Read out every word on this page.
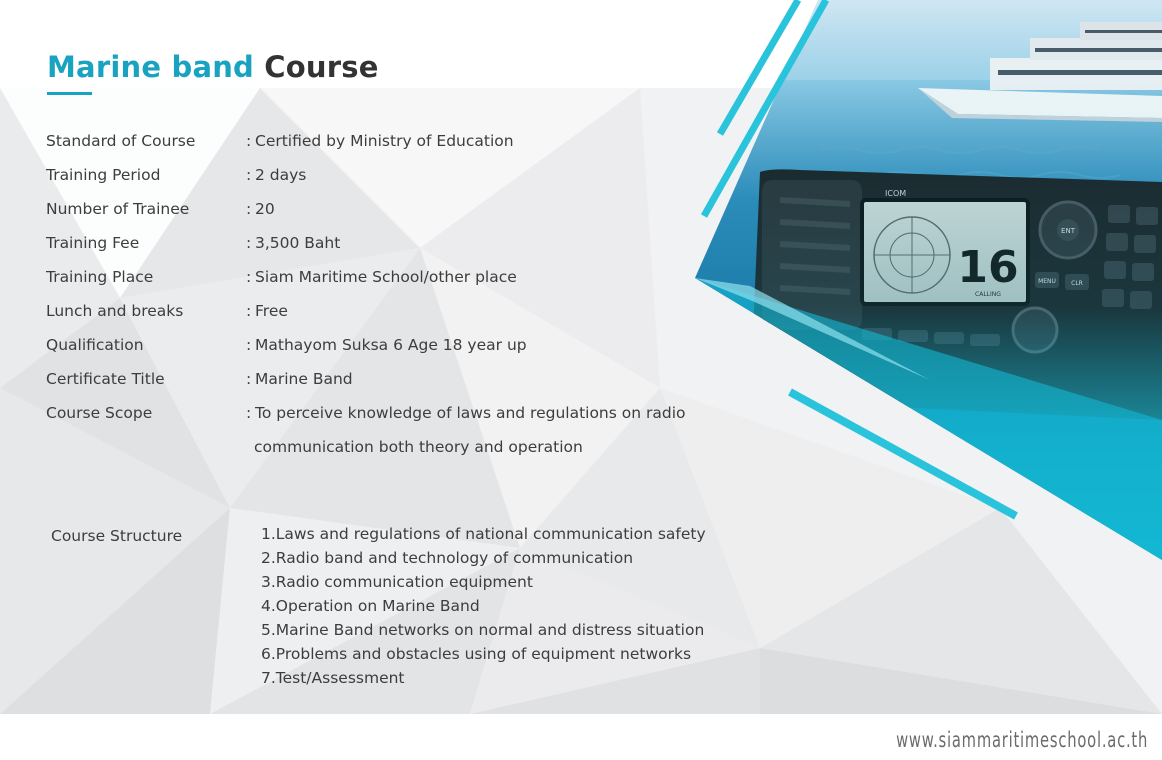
Marine band Course
Standard of Course	: Certified by Ministry of Education
Training Period	: 2 days
Number of Trainee	: 20
Training Fee	: 3,500 Baht
Training Place	: Siam Maritime School/other place
Lunch and breaks	: Free
Qualification	: Mathayom Suksa 6 Age 18 year up
Certificate Title	: Marine Band
Course Scope	: To perceive knowledge of laws and regulations on radio
communication both theory and operation
Course Structure	1.Laws and regulations of national communication safety
2.Radio band and technology of communication
3.Radio communication equipment
4.Operation on Marine Band
5.Marine Band networks on normal and distress situation
6.Problems and obstacles using of equipment networks
7.Test/Assessment
www.siammaritimeschool.ac.th
